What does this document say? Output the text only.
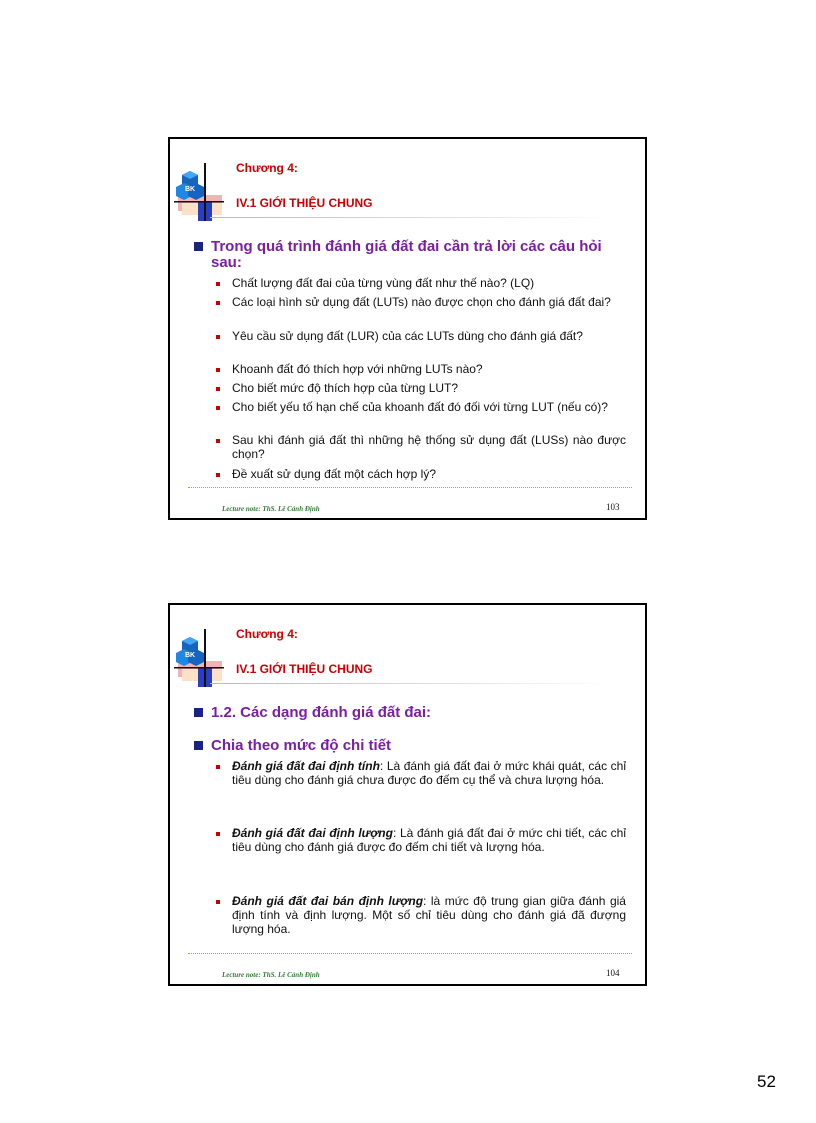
BK
Chương 4:
IV.1 GIỚI THIỆU CHUNG
Trong quá trình đánh giá đất đai cần trả lời các câu hỏi sau:
Chất lượng đất đai của từng vùng đất như thế nào? (LQ)
Các loại hình sử dụng đất (LUTs) nào được chọn cho đánh giá đất đai?
Yêu cầu sử dụng đất (LUR) của các LUTs dùng cho đánh giá đất?
Khoanh đất đó thích hợp với những LUTs nào?
Cho biết mức độ thích hợp của từng LUT?
Cho biết yếu tố hạn chế của khoanh đất đó đối với từng LUT (nếu có)?
Sau khi đánh giá đất thì những hệ thống sử dụng đất (LUSs) nào được chọn?
Đề xuất sử dụng đất một cách hợp lý?
Lecture note: ThS. Lê Cảnh Định	103
BK
Chương 4:
IV.1 GIỚI THIỆU CHUNG
1.2. Các dạng đánh giá đất đai:
Chia theo mức độ chi tiết
Đánh giá đất đai định tính: Là đánh giá đất đai ở mức khái quát, các chỉ tiêu dùng cho đánh giá chưa được đo đếm cụ thể và chưa lượng hóa.
Đánh giá đất đai định lượng: Là đánh giá đất đai ở mức chi tiết, các chỉ tiêu dùng cho đánh giá được đo đếm chi tiết và lượng hóa.
Đánh giá đất đai bán định lượng: là mức độ trung gian giữa đánh giá định tính và định lượng. Một số chỉ tiêu dùng cho đánh giá đã đượng lượng hóa.
Lecture note: ThS. Lê Cảnh Định	104
52
